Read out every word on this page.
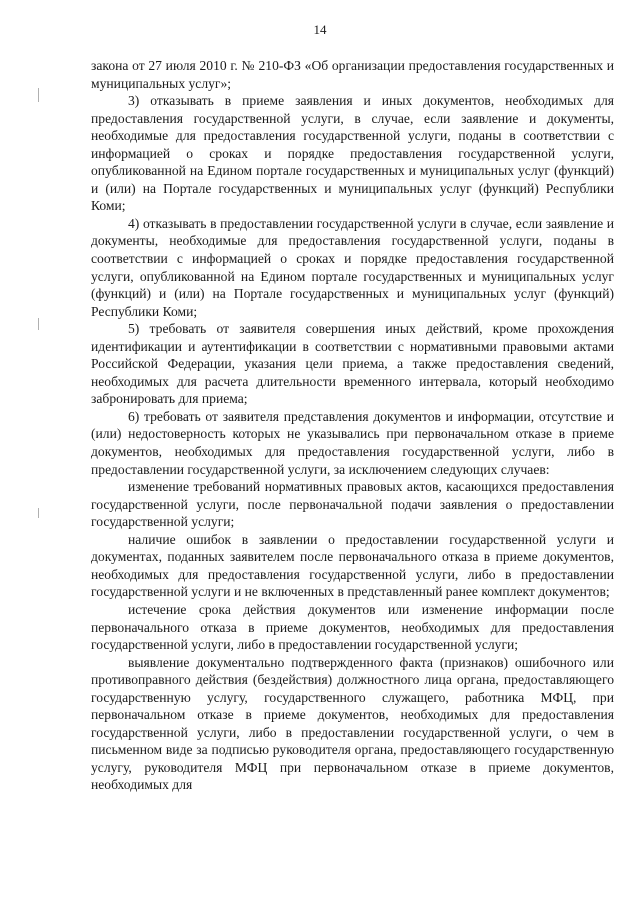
14

закона от 27 июля 2010 г. № 210-ФЗ «Об организации предоставления государственных и муниципальных услуг»;

3) отказывать в приеме заявления и иных документов, необходимых для предоставления государственной услуги, в случае, если заявление и документы, необходимые для предоставления государственной услуги, поданы в соответствии с информацией о сроках и порядке предоставления государственной услуги, опубликованной на Едином портале государственных и муниципальных услуг (функций) и (или) на Портале государственных и муниципальных услуг (функций) Республики Коми;

4) отказывать в предоставлении государственной услуги в случае, если заявление и документы, необходимые для предоставления государственной услуги, поданы в соответствии с информацией о сроках и порядке предоставления государственной услуги, опубликованной на Едином портале государственных и муниципальных услуг (функций) и (или) на Портале государственных и муниципальных услуг (функций) Республики Коми;

5) требовать от заявителя совершения иных действий, кроме прохождения идентификации и аутентификации в соответствии с нормативными правовыми актами Российской Федерации, указания цели приема, а также предоставления сведений, необходимых для расчета длительности временного интервала, который необходимо забронировать для приема;

6) требовать от заявителя представления документов и информации, отсутствие и (или) недостоверность которых не указывались при первоначальном отказе в приеме документов, необходимых для предоставления государственной услуги, либо в предоставлении государственной услуги, за исключением следующих случаев:

изменение требований нормативных правовых актов, касающихся предоставления государственной услуги, после первоначальной подачи заявления о предоставлении государственной услуги;

наличие ошибок в заявлении о предоставлении государственной услуги и документах, поданных заявителем после первоначального отказа в приеме документов, необходимых для предоставления государственной услуги, либо в предоставлении государственной услуги и не включенных в представленный ранее комплект документов;

истечение срока действия документов или изменение информации после первоначального отказа в приеме документов, необходимых для предоставления государственной услуги, либо в предоставлении государственной услуги;

выявление документально подтвержденного факта (признаков) ошибочного или противоправного действия (бездействия) должностного лица органа, предоставляющего государственную услугу, государственного служащего, работника МФЦ, при первоначальном отказе в приеме документов, необходимых для предоставления государственной услуги, либо в предоставлении государственной услуги, о чем в письменном виде за подписью руководителя органа, предоставляющего государственную услугу, руководителя МФЦ при первоначальном отказе в приеме документов, необходимых для
